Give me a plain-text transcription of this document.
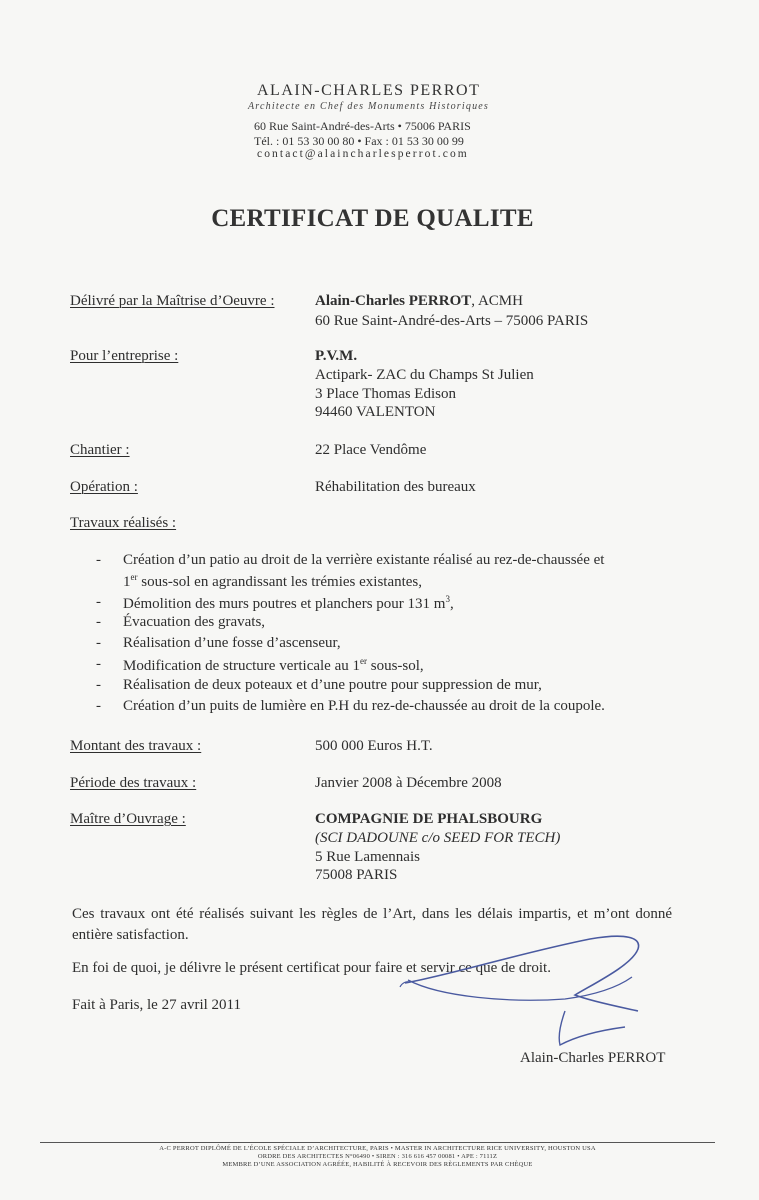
ALAIN-CHARLES PERROT
Architecte en Chef des Monuments Historiques
60 Rue Saint-André-des-Arts • 75006 PARIS
Tél. : 01 53 30 00 80 • Fax : 01 53 30 00 99
contact@alaincharlesperrot.com
CERTIFICAT DE QUALITE
Délivré par la Maîtrise d’Oeuvre :	Alain-Charles PERROT, ACMH
60 Rue Saint-André-des-Arts – 75006 PARIS
Pour l’entreprise :	P.V.M.
Actipark- ZAC du Champs St Julien
3 Place Thomas Edison
94460 VALENTON
Chantier :	22 Place Vendôme
Opération :	Réhabilitation des bureaux
Travaux réalisés :
- Création d’un patio au droit de la verrière existante réalisé au rez-de-chaussée et
1er sous-sol en agrandissant les trémies existantes,
- Démolition des murs poutres et planchers pour 131 $m^3$,
- Évacuation des gravats,
- Réalisation d’une fosse d’ascenseur,
- Modification de structure verticale au 1er sous-sol,
- Réalisation de deux poteaux et d’une poutre pour suppression de mur,
- Création d’un puits de lumière en P.H du rez-de-chaussée au droit de la coupole.
Montant des travaux :	500 000 Euros H.T.
Période des travaux :	Janvier 2008 à Décembre 2008
Maître d’Ouvrage :	COMPAGNIE DE PHALSBOURG
(SCI DADOUNE c/o SEED FOR TECH)
5 Rue Lamennais
75008 PARIS
Ces travaux ont été réalisés suivant les règles de l’Art, dans les délais impartis, et m’ont donné entière satisfaction.
En foi de quoi, je délivre le présent certificat pour faire et servir ce que de droit.
Fait à Paris, le 27 avril 2011
Alain-Charles PERROT
A-C PERROT DIPLÔMÉ DE L’ÉCOLE SPÉCIALE D’ARCHITECTURE, PARIS • MASTER IN ARCHITECTURE RICE UNIVERSITY, HOUSTON USA
ORDRE DES ARCHITECTES N°06490 • SIREN : 316 616 457 00081 • APE : 7111Z
MEMBRE D’UNE ASSOCIATION AGRÉÉE, HABILITÉ À RECEVOIR DES RÈGLEMENTS PAR CHÈQUE
